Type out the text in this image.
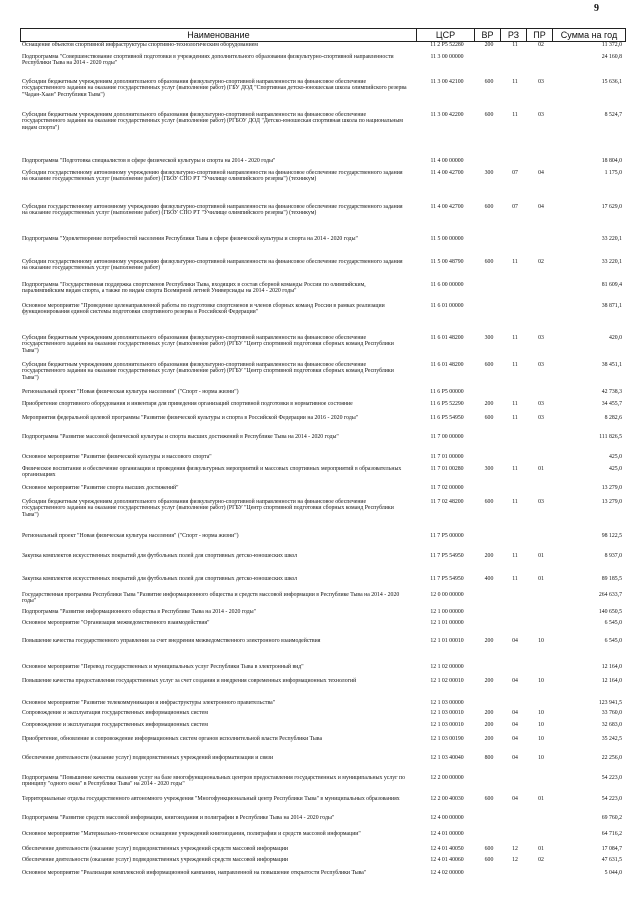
9
Наименование	ЦСР	ВР	РЗ	ПР	Сумма на год
Оснащение объектов спортивной инфраструктуры спортивно-технологическим оборудованием	11 2 Р5 52280	200	11	02	11 372,0
Подпрограмма "Совершенствование спортивной подготовки в учреждениях дополнительного образования физкультурно-спортивной направленности Республики Тыва на 2014 - 2020 годы"
11 3 00 00000	24 160,8
Субсидии бюджетным учреждениям дополнительного образования физкультурно-спортивной направленности на финансовое обеспечение государственного задания на оказание государственных услуг (выполнение работ) (ГБУ ДОД "Спортивная детско-юношеская школа олимпийского резерва "Чадан-Хаан" Республики Тыва")
11 3 00 42100	600	11	03	15 636,1
Субсидии бюджетным учреждениям дополнительного образования физкультурно-спортивной направленности на финансовое обеспечение государственного задания на оказание государственных услуг (выполнение работ) (РГБОУ ДОД "Детско-юношеская спортивная школа по национальным видам спорта")
11 3 00 42200	600	11	03	8 524,7
Подпрограмма "Подготовка специалистов в сфере физической культуры и спорта на 2014 - 2020 годы"	11 4 00 00000	18 804,0
Субсидии государственному автономному учреждению физкультурно-спортивной направленности на финансовое обеспечение государственного задания на оказание государственных услуг (выполнение работ) (ГБОУ СПО РТ "Училище олимпийского резерва") (техникум)
11 4 00 42700	300	07	04	1 175,0
Субсидии государственному автономному учреждению физкультурно-спортивной направленности на финансовое обеспечение государственного задания на оказание государственных услуг (выполнение работ) (ГБОУ СПО РТ "Училище олимпийского резерва") (техникум)
11 4 00 42700	600	07	04	17 629,0
Подпрограмма "Удовлетворение потребностей населения Республики Тыва в сфере физической культуры и спорта на 2014 - 2020 годы"	11 5 00 00000	33 220,1
Субсидии государственному автономному учреждению физкультурно-спортивной направленности на финансовое обеспечение государственного задания на оказание государственных услуг (выполнение работ)
11 5 00 48790	600	11	02	33 220,1
Подпрограмма "Государственная поддержка спортсменов Республики Тыва, входящих в состав сборной команды России по олимпийским, паралимпийским видам спорта, а также по видам спорта Всемирной летней Универсиады на 2014 - 2020 годы"
11 6 00 00000	81 609,4
Основное мероприятие "Проведение целенаправленной работы по подготовке спортсменов и членов сборных команд России в рамках реализации функционирования единой системы подготовки спортивного резерва в Российской Федерации"
11 6 01 00000	38 871,1
Субсидии бюджетным учреждениям дополнительного образования физкультурно-спортивной направленности на финансовое обеспечение государственного задания на оказание государственных услуг (выполнение работ) (РГБУ "Центр спортивной подготовки сборных команд Республики Тыва")
11 6 01 48200	300	11	03	420,0
Субсидии бюджетным учреждениям дополнительного образования физкультурно-спортивной направленности на финансовое обеспечение государственного задания на оказание государственных услуг (выполнение работ) (РГБУ "Центр спортивной подготовки сборных команд Республики Тыва")
11 6 01 48200	600	11	03	38 451,1
Региональный проект "Новая физическая культура населения" ("Спорт - норма жизни")	11 6 Р5 00000	42 738,3
Приобретение спортивного оборудования и инвентаря для приведения организаций спортивной подготовки в нормативное состояние	11 6 Р5 52290	200	11	03	34 455,7
Мероприятия федеральной целевой программы "Развитие физической культуры и спорта в Российской Федерации на 2016 - 2020 годы"	11 6 Р5 54950	600	11	03	8 282,6
Подпрограмма "Развитие массовой физической культуры и спорта высших достижений в Республике Тыва на 2014 - 2020 годы"	11 7 00 00000	111 826,5
Основное мероприятие "Развитие физической культуры и массового спорта"	11 7 01 00000	425,0
Физическое воспитание и обеспечение организации и проведения физкультурных мероприятий и массовых спортивных мероприятий в образовательных организациях
11 7 01 00280	300	11	01	425,0
Основное мероприятие "Развитие спорта высших достижений"	11 7 02 00000	13 279,0
Субсидии бюджетным учреждениям дополнительного образования физкультурно-спортивной направленности на финансовое обеспечение государственного задания на оказание государственных услуг (выполнение работ) (РГБУ "Центр спортивной подготовки сборных команд Республики Тыва")
11 7 02 48200	600	11	03	13 279,0
Региональный проект "Новая физическая культура населения" ("Спорт - норма жизни")	11 7 Р5 00000	98 122,5
Закупка комплектов искусственных покрытий для футбольных полей для спортивных детско-юношеских школ	11 7 Р5 54950	200	11	01	8 937,0
Закупка комплектов искусственных покрытий для футбольных полей для спортивных детско-юношеских школ	11 7 Р5 54950	400	11	01	89 185,5
Государственная программа Республики Тыва "Развитие информационного общества и средств массовой информации в Республике Тыва на 2014 - 2020 годы"
12 0 00 00000	264 633,7
Подпрограмма "Развитие информационного общества в Республике Тыва на 2014 - 2020 годы"	12 1 00 00000	140 650,5
Основное мероприятие "Организация межведомственного взаимодействия"	12 1 01 00000	6 545,0
Повышение качества государственного управления за счет внедрения межведомственного электронного взаимодействия	12 1 01 00010	200	04	10	6 545,0
Основное мероприятие "Перевод государственных и муниципальных услуг Республики Тыва в электронный вид"	12 1 02 00000	12 164,0
Повышение качества предоставления государственных услуг за счет создания и внедрения современных информационных технологий	12 1 02 00010	200	04	10	12 164,0
Основное мероприятие "Развитие телекоммуникации и инфраструктуры электронного правительства"	12 1 03 00000	123 941,5
Сопровождение и эксплуатация государственных информационных систем	12 1 03 00010	200	04	10	33 760,0
Сопровождение и эксплуатация государственных информационных систем	12 1 03 00010	200	04	10	32 683,0
Приобретение, обновление и сопровождение информационных систем органов исполнительной власти Республики Тыва	12 1 03 00190	200	04	10	35 242,5
Обеспечение деятельности (оказание услуг) подведомственных учреждений информатизации и связи	12 1 03 40040	800	04	10	22 256,0
Подпрограмма "Повышение качества оказания услуг на базе многофункциональных центров предоставления государственных и муниципальных услуг по принципу "одного окна" в Республике Тыва" на 2014 - 2020 годы"
12 2 00 00000	54 223,0
Территориальные отделы государственного автономного учреждения "Многофункциональный центр Республики Тыва" в муниципальных образованиях	12 2 00 40030	600	04	01	54 223,0
Подпрограмма "Развитие средств массовой информации, книгоиздания и полиграфии в Республике Тыва на 2014 - 2020 годы"	12 4 00 00000	69 760,2
Основное мероприятие "Материально-техническое оснащение учреждений книгоиздания, полиграфии и средств массовой информации"	12 4 01 00000	64 716,2
Обеспечение деятельности (оказание услуг) подведомственных учреждений средств массовой информации	12 4 01 40050	600	12	01	17 084,7
Обеспечение деятельности (оказание услуг) подведомственных учреждений средств массовой информации	12 4 01 40060	600	12	02	47 631,5
Основное мероприятие "Реализация комплексной информационной кампании, направленной на повышение открытости Республики Тыва"	12 4 02 00000	5 044,0
